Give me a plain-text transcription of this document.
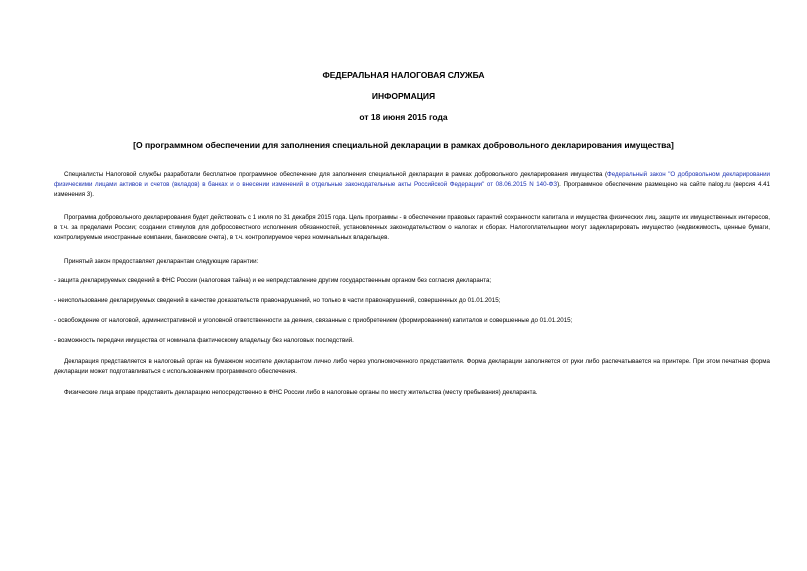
ФЕДЕРАЛЬНАЯ НАЛОГОВАЯ СЛУЖБА
ИНФОРМАЦИЯ
от 18 июня 2015 года
[О программном обеспечении для заполнения специальной декларации в рамках добровольного декларирования имущества]
Специалисты Налоговой службы разработали бесплатное программное обеспечение для заполнения специальной декларации в рамках добровольного декларирования имущества (Федеральный закон "О добровольном декларировании физическими лицами активов и счетов (вкладов) в банках и о внесении изменений в отдельные законодательные акты Российской Федерации" от 08.06.2015 N 140-ФЗ). Программное обеспечение размещено на сайте nalog.ru (версия 4.41 изменения 3).
Программа добровольного декларирования будет действовать с 1 июля по 31 декабря 2015 года. Цель программы - в обеспечении правовых гарантий сохранности капитала и имущества физических лиц, защите их имущественных интересов, в т.ч. за пределами России; создании стимулов для добросовестного исполнения обязанностей, установленных законодательством о налогах и сборах. Налогоплательщики могут задекларировать имущество (недвижимость, ценные бумаги, контролируемые иностранные компании, банковские счета), в т.ч. контролируемое через номинальных владельцев.
Принятый закон предоставляет декларантам следующие гарантии:
- защита декларируемых сведений в ФНС России (налоговая тайна) и ее непредставление другим государственным органом без согласия декларанта;
- неиспользование декларируемых сведений в качестве доказательств правонарушений, но только в части правонарушений, совершенных до 01.01.2015;
- освобождение от налоговой, административной и уголовной ответственности за деяния, связанные с приобретением (формированием) капиталов и совершенные до 01.01.2015;
- возможность передачи имущества от номинала фактическому владельцу без налоговых последствий.
Декларация представляется в налоговый орган на бумажном носителе декларантом лично либо через уполномоченного представителя. Форма декларации заполняется от руки либо распечатывается на принтере. При этом печатная форма декларации может подготавливаться с использованием программного обеспечения.
Физические лица вправе представить декларацию непосредственно в ФНС России либо в налоговые органы по месту жительства (месту пребывания) декларанта.
